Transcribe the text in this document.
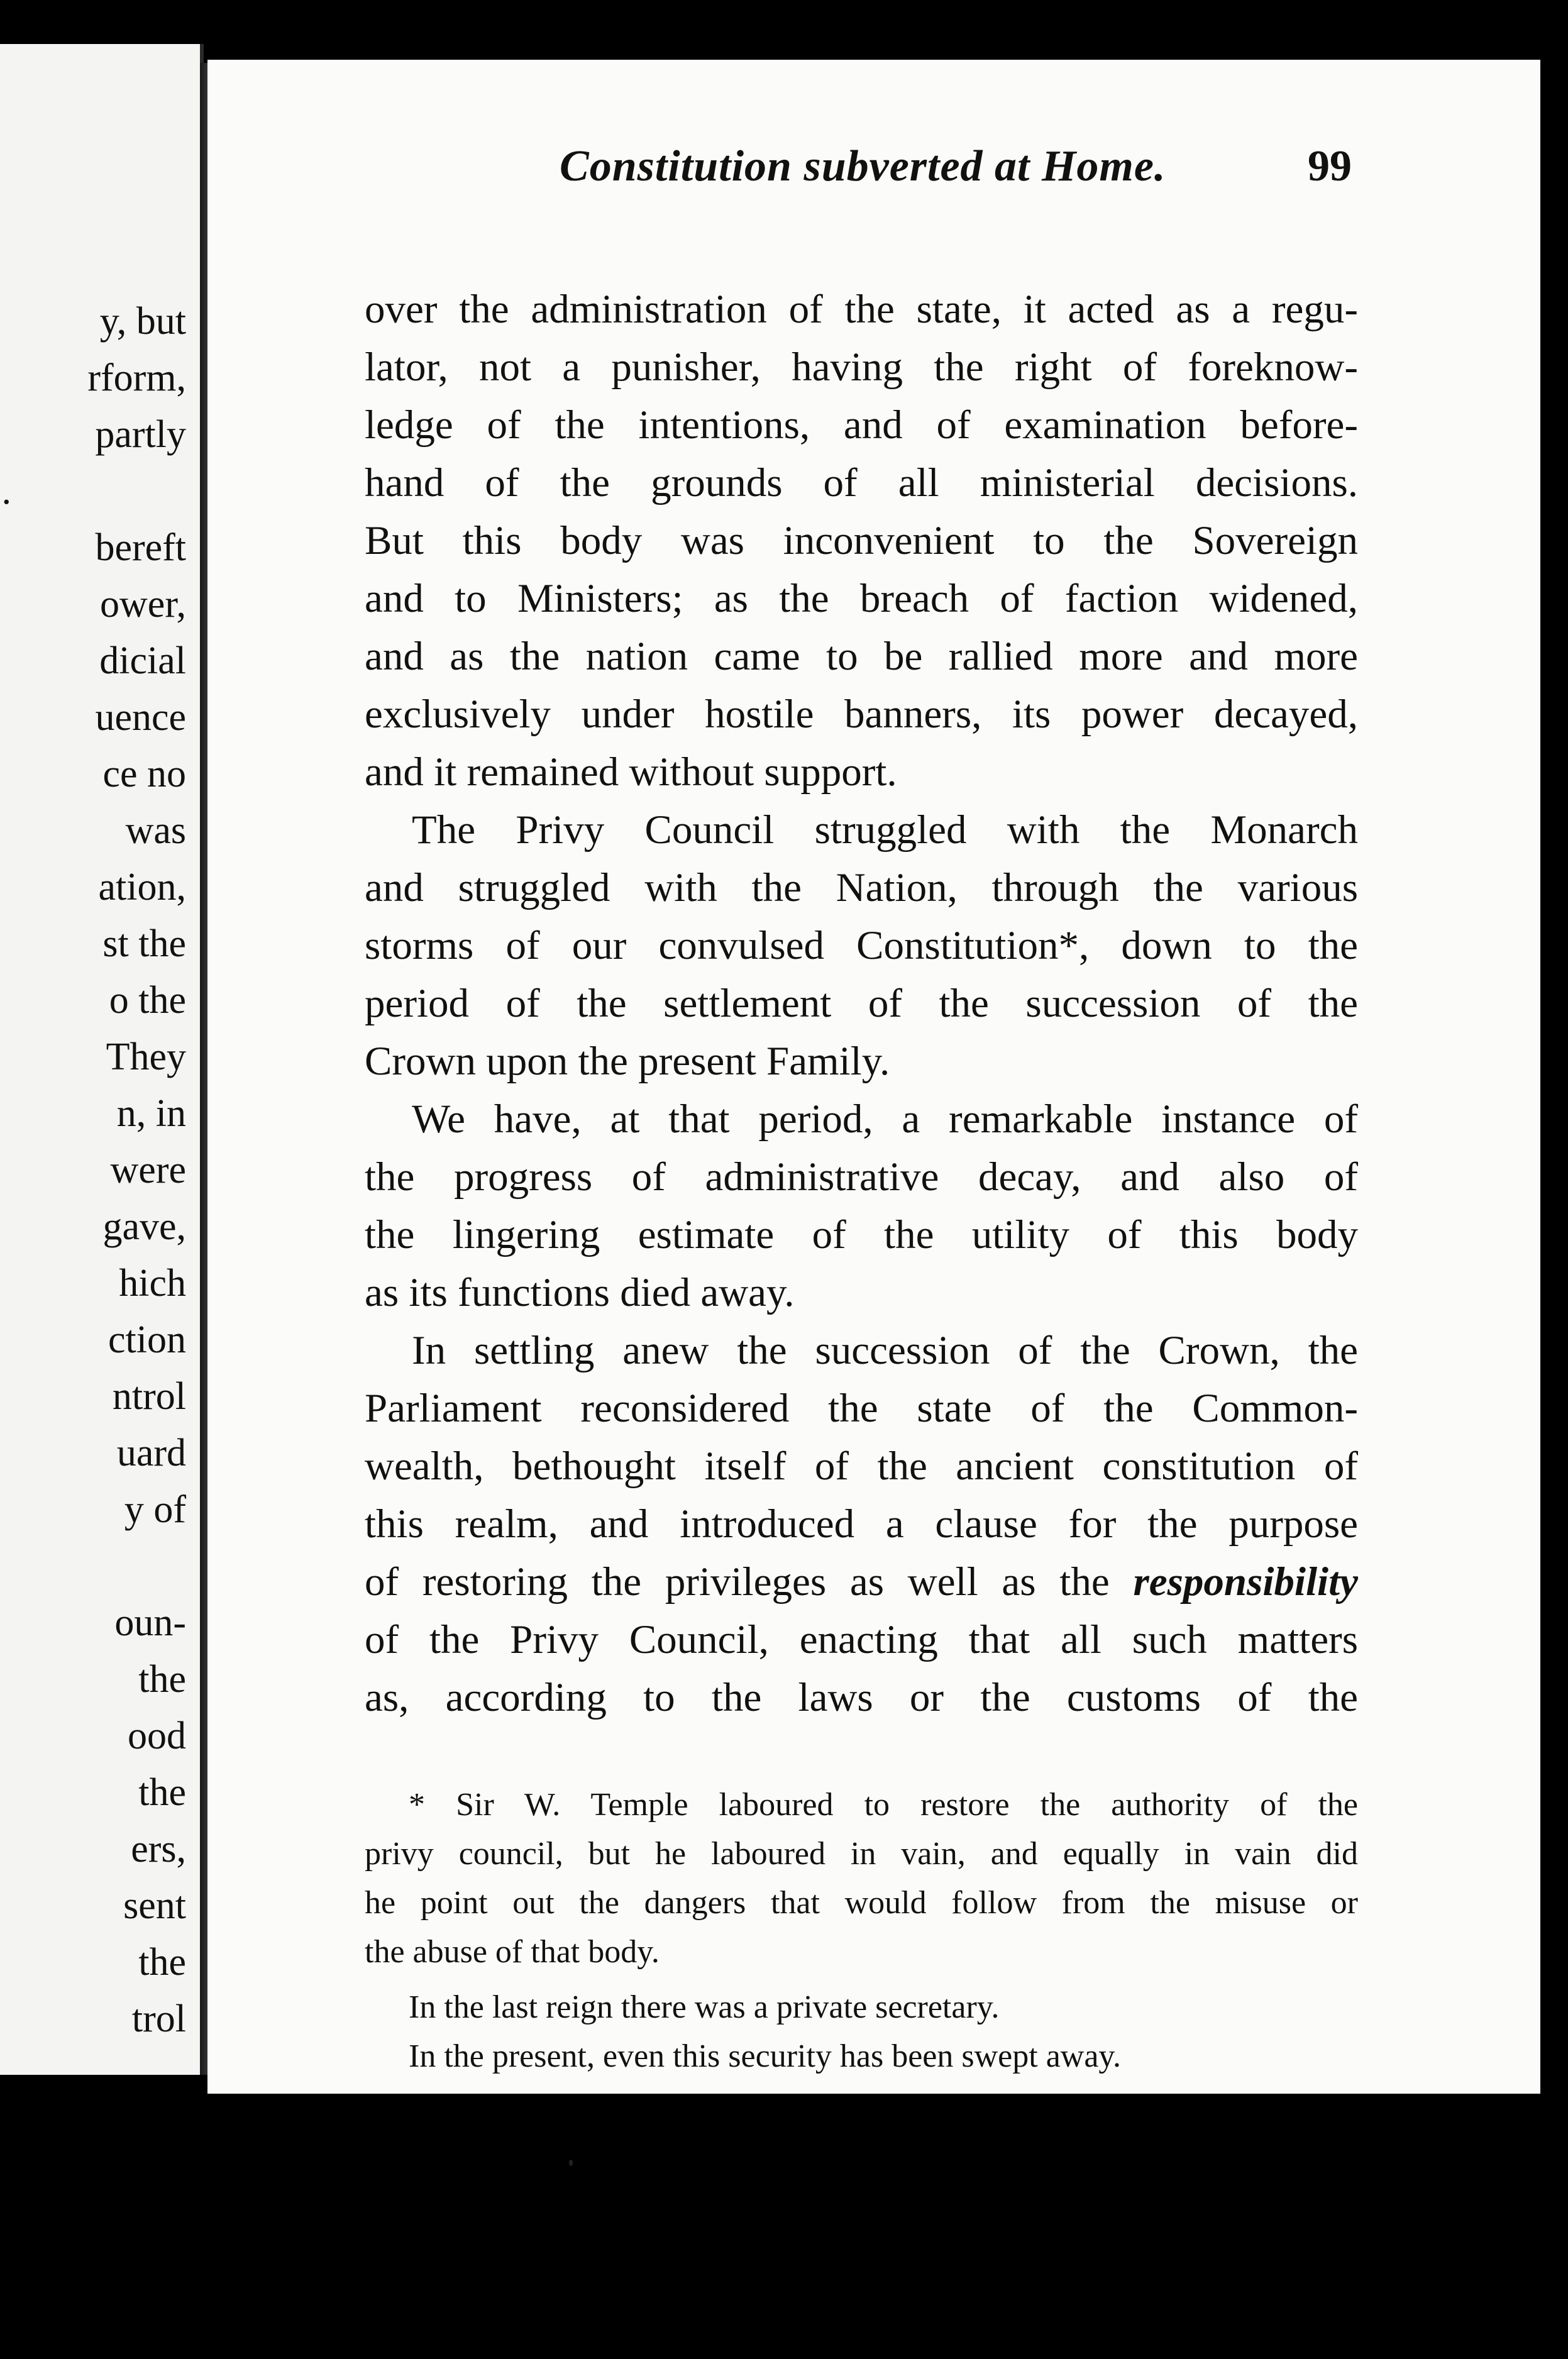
y, but
rform,
partly
.
bereft
ower,
dicial
uence
ce no
was
ation,
st the
o the
They
n, in
were
gave,
hich
ction
ntrol
uard
y of
oun-
the
ood
the
ers,
sent
the
trol
Constitution subverted at Home.	99
over the administration of the state, it acted as a regu-
lator, not a punisher, having the right of foreknow-
ledge of the intentions, and of examination before-
hand of the grounds of all ministerial decisions.
But this body was inconvenient to the Sovereign
and to Ministers; as the breach of faction widened,
and as the nation came to be rallied more and more
exclusively under hostile banners, its power decayed,
and it remained without support.
The Privy Council struggled with the Monarch
and struggled with the Nation, through the various
storms of our convulsed Constitution*, down to the
period of the settlement of the succession of the
Crown upon the present Family.
We have, at that period, a remarkable instance of
the progress of administrative decay, and also of
the lingering estimate of the utility of this body
as its functions died away.
In settling anew the succession of the Crown, the
Parliament reconsidered the state of the Common-
wealth, bethought itself of the ancient constitution of
this realm, and introduced a clause for the purpose
of restoring the privileges as well as the responsibility
of the Privy Council, enacting that all such matters
as, according to the laws or the customs of the
* Sir W. Temple laboured to restore the authority of the
privy council, but he laboured in vain, and equally in vain did
he point out the dangers that would follow from the misuse or
the abuse of that body.
In the last reign there was a private secretary.
In the present, even this security has been swept away.
